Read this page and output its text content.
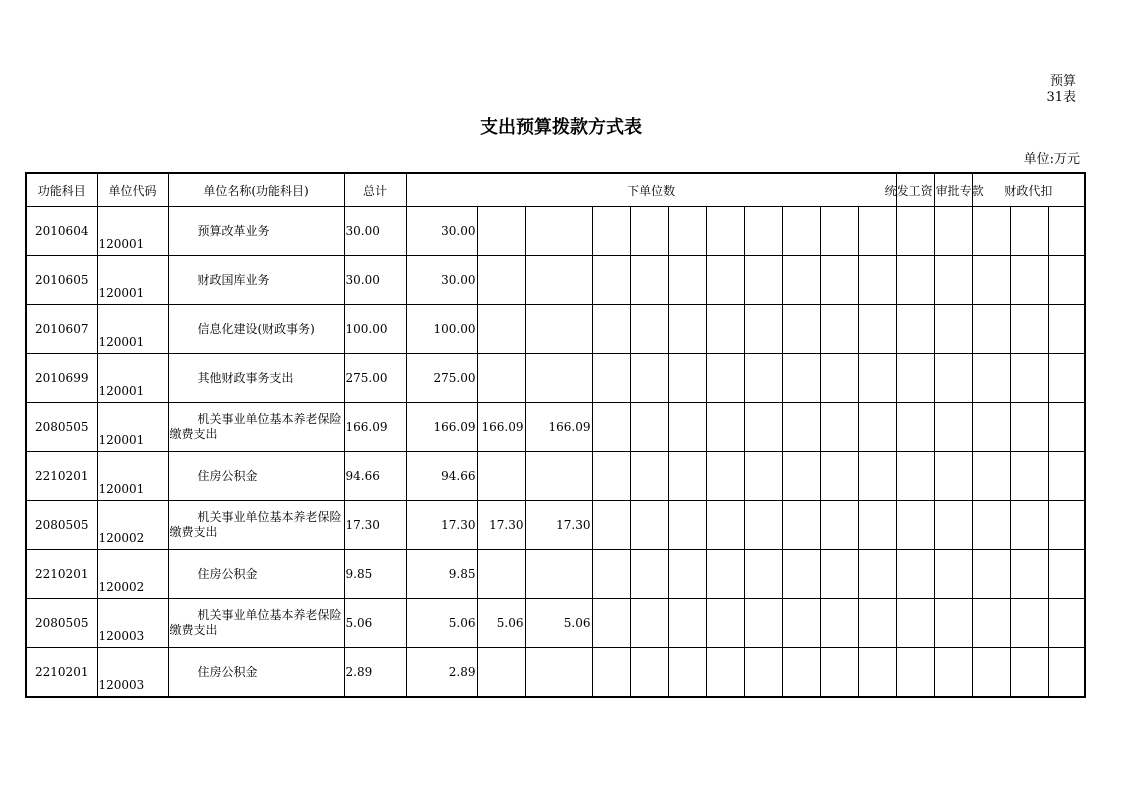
预算
31表
支出预算拨款方式表
单位:万元
功能科目	单位代码	单位名称(功能科目)	总计	下单位数											统发工资	审批专款	财政代扣		
2010604	120001	预算改革业务	30.00	30.00															
2010605	120001	财政国库业务	30.00	30.00															
2010607	120001	信息化建设(财政事务)	100.00	100.00															
2010699	120001	其他财政事务支出	275.00	275.00															
2080505	120001	机关事业单位基本养老保险缴费支出	166.09	166.09	166.09	166.09													
2210201	120001	住房公积金	94.66	94.66															
2080505	120002	机关事业单位基本养老保险缴费支出	17.30	17.30	17.30	17.30													
2210201	120002	住房公积金	9.85	9.85															
2080505	120003	机关事业单位基本养老保险缴费支出	5.06	5.06	5.06	5.06													
2210201	120003	住房公积金	2.89	2.89															
